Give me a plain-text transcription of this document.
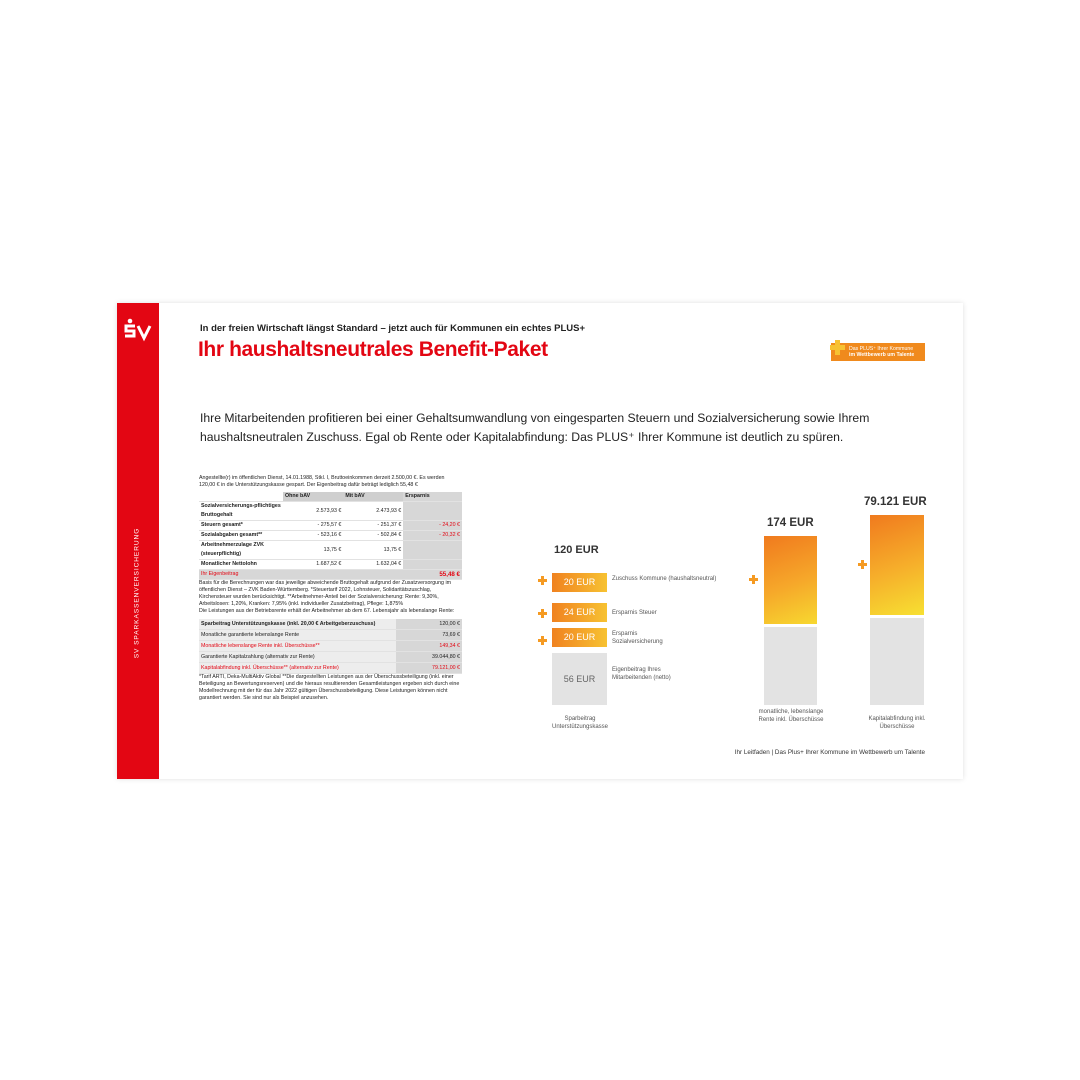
SV SPARKASSENVERSICHERUNG
In der freien Wirtschaft längst Standard – jetzt auch für Kommunen ein echtes PLUS+
Ihr haushaltsneutrales Benefit-Paket	Das PLUS⁺ Ihrer Kommune
im Wettbewerb um Talente
Ihre Mitarbeitenden profitieren bei einer Gehaltsumwandlung von eingesparten Steuern und Sozialversicherung sowie Ihrem haushaltsneutralen Zuschuss. Egal ob Rente oder Kapitalabfindung: Das PLUS⁺ Ihrer Kommune ist deutlich zu spüren.

Angestellte(r) im öffentlichen Dienst, 14.01.1988, Stkl. I, Bruttoeinkommen derzeit 2.500,00 €. Es werden 120,00 € in die Unterstützungskasse gespart. Der Eigenbeitrag dafür beträgt lediglich 55,48 €

	Ohne bAV	Mit bAV	Ersparnis
Sozialversicherungs-pflichtiges Bruttogehalt	2.573,93 €	2.473,93 €	
Steuern gesamt*	- 275,57 €	- 251,37 €	- 24,20 €
Sozialabgaben gesamt**	- 523,16 €	- 502,84 €	- 20,32 €
Arbeitnehmerzulage ZVK (steuerpflichtig)	13,75 €	13,75 €	
Monatlicher Nettolohn	1.687,52 €	1.632,04 €	
Ihr Eigenbeitrag			55,48 €

Basis für die Berechnungen war das jeweilige abweichende Bruttogehalt aufgrund der Zusatzversorgung im öffentlichen Dienst – ZVK Baden-Württemberg. *Steuertarif 2022, Lohnsteuer, Solidaritätszuschlag, Kirchensteuer wurden berücksichtigt. **Arbeitnehmer-Anteil bei der Sozialversicherung: Rente: 9,30%, Arbeitslosen: 1,20%, Kranken: 7,95% (inkl. individueller Zusatzbeitrag), Pflege: 1,875%

Die Leistungen aus der Betriebsrente erhält der Arbeitnehmer ab dem 67. Lebensjahr als lebenslange Rente:

Sparbeitrag Unterstützungskasse (inkl. 20,00 € Arbeitgeberzuschuss)	120,00 €
Monatliche garantierte lebenslange Rente	73,69 €
Monatliche lebenslange Rente inkl. Überschüsse**	149,34 €
Garantierte Kapitalzahlung (alternativ zur Rente)	39.044,80 €
Kapitalabfindung inkl. Überschüsse** (alternativ zur Rente)	79.121,00 €

*Tarif ARTI, Deka-MultiAktiv Global **Die dargestellten Leistungen aus der Überschussbeteiligung (inkl. einer Beteiligung an Bewertungsreserven) und die hieraus resultierenden Gesamtleistungen ergeben sich durch eine Modellrechnung mit der für das Jahr 2022 gültigen Überschussbeteiligung. Diese Leistungen können nicht garantiert werden. Sie sind nur als Beispiel anzusehen.

120 EUR
20 EUR	Zuschuss Kommune (haushaltsneutral)
24 EUR	Ersparnis Steuer
20 EUR	Ersparnis Sozialversicherung
56 EUR
Eigenbeitrag Ihres Mitarbeitenden (netto)
Sparbeitrag Unterstützungskasse
174 EUR
monatliche, lebenslange Rente inkl. Überschüsse
79.121 EUR
Kapitalabfindung inkl. Überschüsse
Ihr Leitfaden | Das Plus+ Ihrer Kommune im Wettbewerb um Talente
